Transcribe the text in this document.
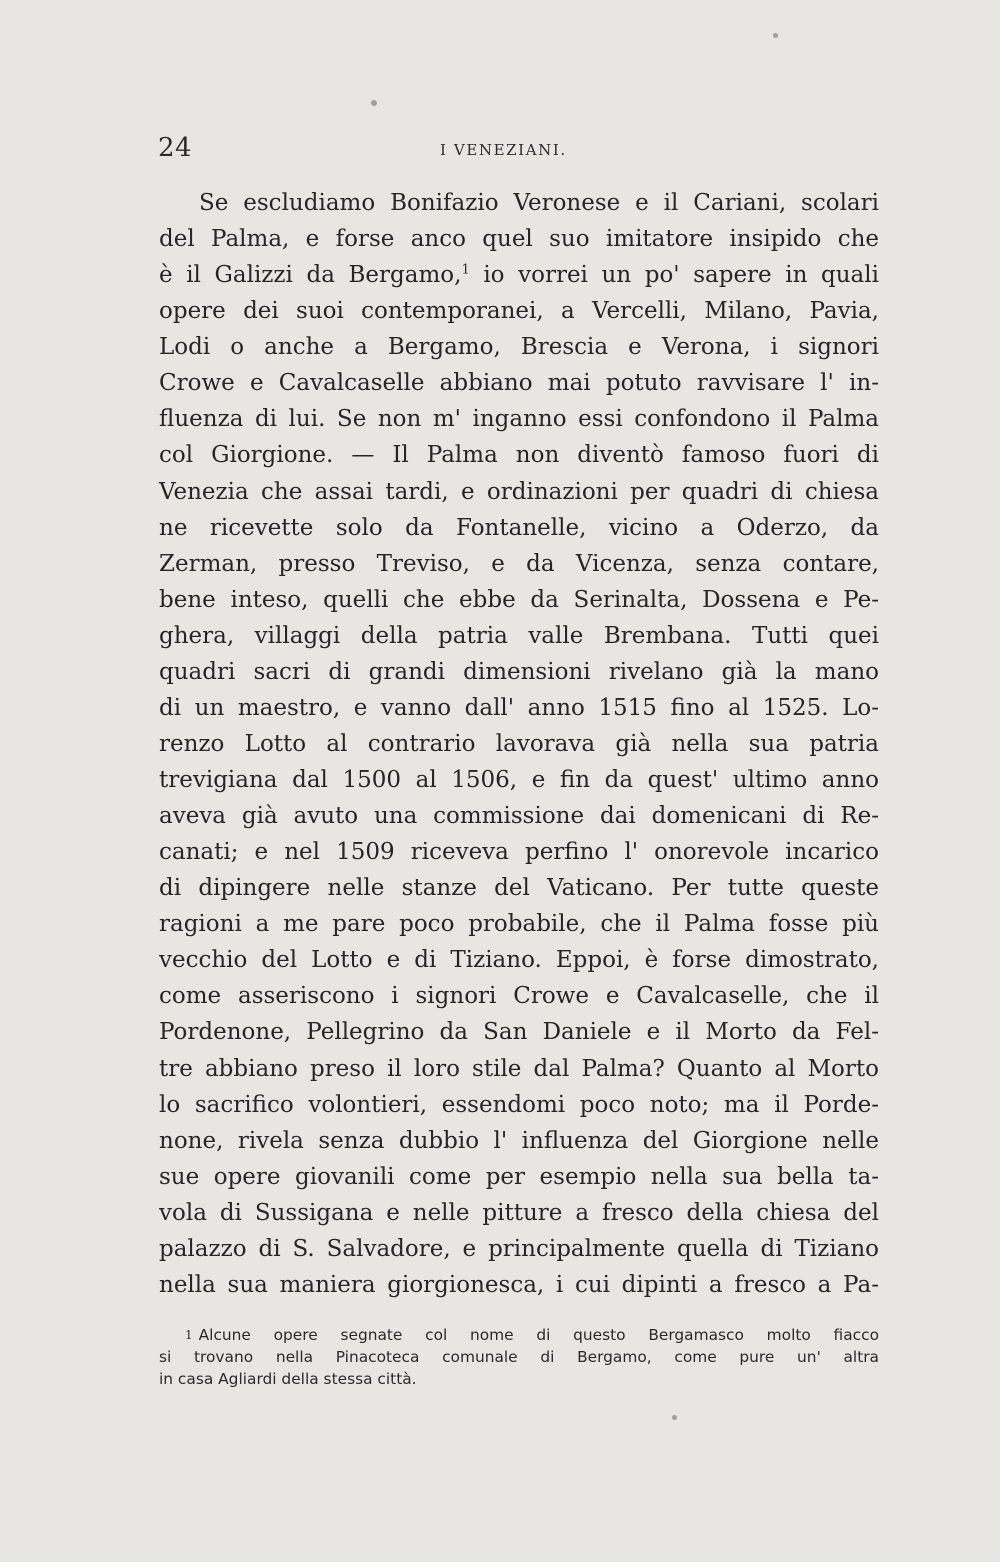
24	I VENEZIANI.
Se escludiamo Bonifazio Veronese e il Cariani, scolari
del Palma, e forse anco quel suo imitatore insipido che
è il Galizzi da Bergamo,$^1$ io vorrei un po' sapere in quali
opere dei suoi contemporanei, a Vercelli, Milano, Pavia,
Lodi o anche a Bergamo, Brescia e Verona, i signori
Crowe e Cavalcaselle abbiano mai potuto ravvisare l' in-
fluenza di lui. Se non m' inganno essi confondono il Palma
col Giorgione. — Il Palma non diventò famoso fuori di
Venezia che assai tardi, e ordinazioni per quadri di chiesa
ne ricevette solo da Fontanelle, vicino a Oderzo, da
Zerman, presso Treviso, e da Vicenza, senza contare,
bene inteso, quelli che ebbe da Serinalta, Dossena e Pe-
ghera, villaggi della patria valle Brembana. Tutti quei
quadri sacri di grandi dimensioni rivelano già la mano
di un maestro, e vanno dall' anno 1515 fino al 1525. Lo-
renzo Lotto al contrario lavorava già nella sua patria
trevigiana dal 1500 al 1506, e fin da quest' ultimo anno
aveva già avuto una commissione dai domenicani di Re-
canati; e nel 1509 riceveva perfino l' onorevole incarico
di dipingere nelle stanze del Vaticano. Per tutte queste
ragioni a me pare poco probabile, che il Palma fosse più
vecchio del Lotto e di Tiziano. Eppoi, è forse dimostrato,
come asseriscono i signori Crowe e Cavalcaselle, che il
Pordenone, Pellegrino da San Daniele e il Morto da Fel-
tre abbiano preso il loro stile dal Palma? Quanto al Morto
lo sacrifico volontieri, essendomi poco noto; ma il Porde-
none, rivela senza dubbio l' influenza del Giorgione nelle
sue opere giovanili come per esempio nella sua bella ta-
vola di Sussigana e nelle pitture a fresco della chiesa del
palazzo di S. Salvadore, e principalmente quella di Tiziano
nella sua maniera giorgionesca, i cui dipinti a fresco a Pa-
$^1$ Alcune opere segnate col nome di questo Bergamasco molto fiacco
si trovano nella Pinacoteca comunale di Bergamo, come pure un' altra
in casa Agliardi della stessa città.
